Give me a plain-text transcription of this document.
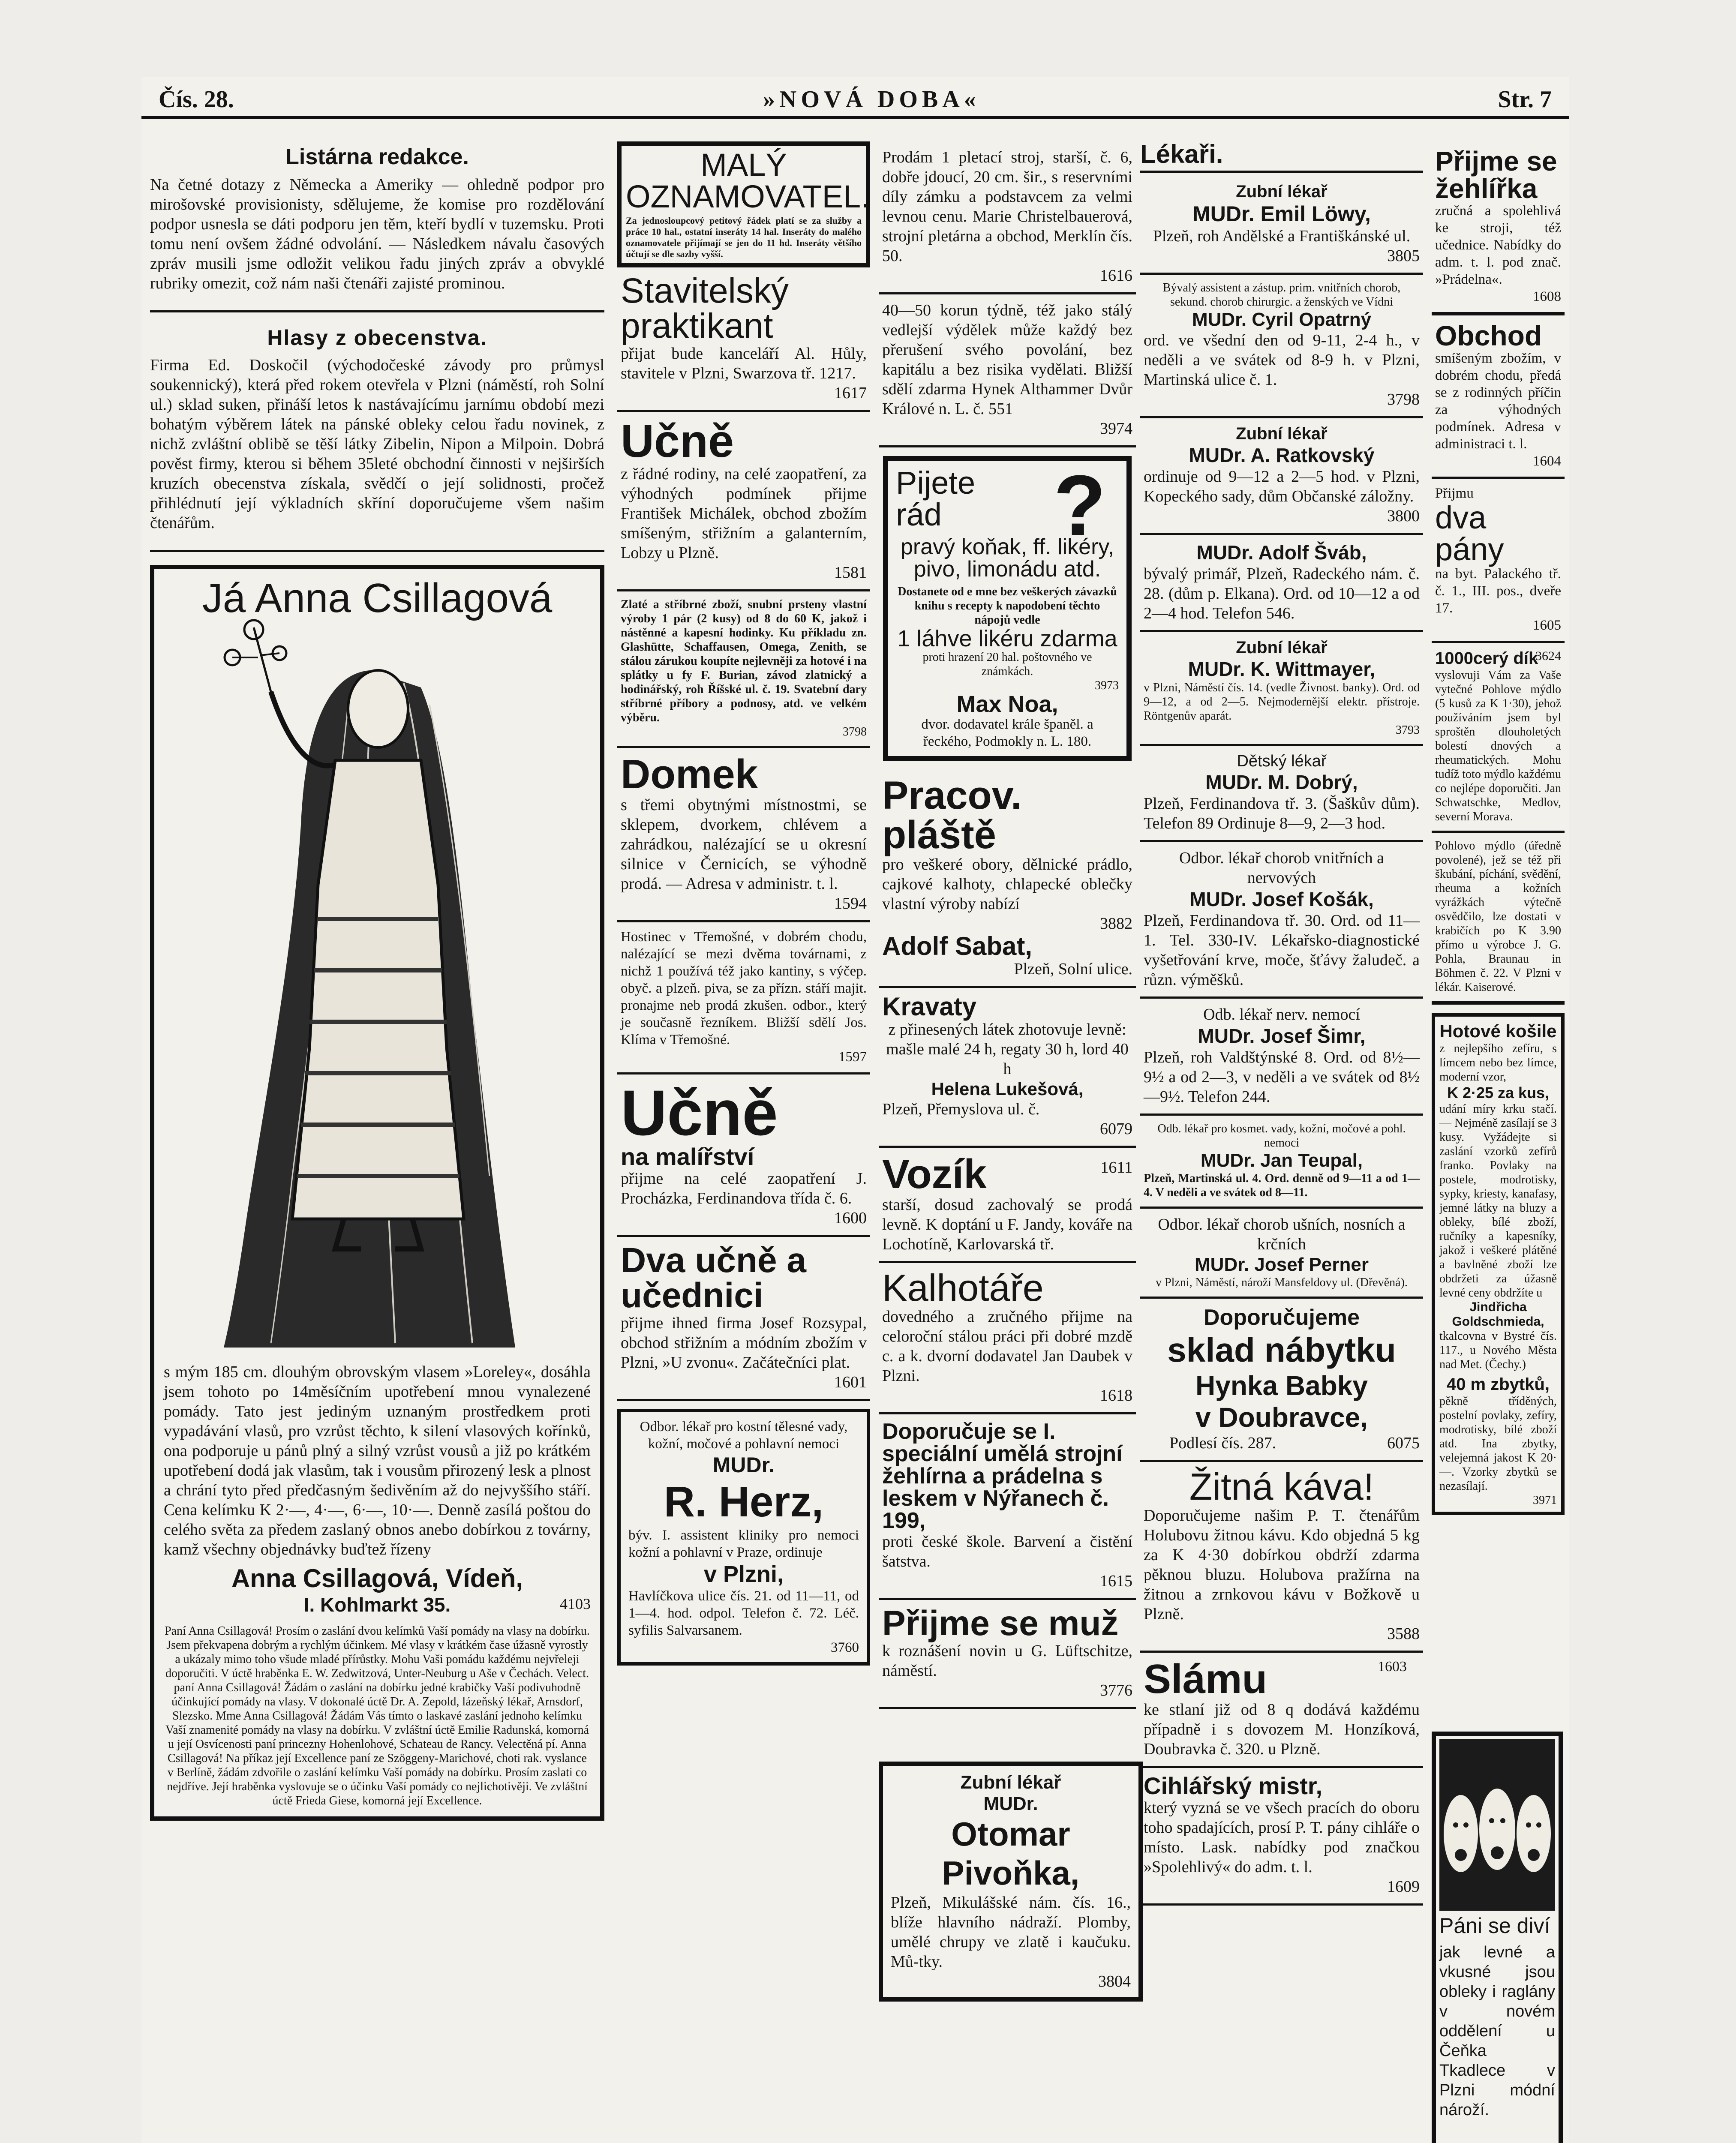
Čís. 28.	»NOVÁ DOBA«	Str. 7

Listárna redakce.

Na četné dotazy z Německa a Ameriky — ohledně podpor pro mirošovské provisionisty, sdělujeme, že komise pro rozdělování podpor usnesla se dáti podporu jen těm, kteří bydlí v tuzemsku. Proti tomu není ovšem žádné odvolání. — Následkem návalu časových zpráv musili jsme odložit velikou řadu jiných zpráv a obvyklé rubriky omezit, což nám naši čtenáři zajisté prominou.

Hlasy z obecenstva.

Firma Ed. Doskočil (východočeské závody pro průmysl soukennický), která před rokem otevřela v Plzni (náměstí, roh Solní ul.) sklad suken, přináší letos k nastávajícímu jarnímu období mezi bohatým výběrem látek na pánské obleky celou řadu novinek, z nichž zvláštní oblibě se těší látky Zibelin, Nipon a Milpoin. Dobrá pověst firmy, kterou si během 35leté obchodní činnosti v nejširších kruzích obecenstva získala, svědčí o její solidnosti, pročež přihlédnutí její výkladních skříní doporučujeme všem našim čtenářům.

Já Anna Csillagová

s mým 185 cm. dlouhým obrovským vlasem »Loreley«, dosáhla jsem tohoto po 14měsíčním upotřebení mnou vynalezené pomády. Tato jest jediným uznaným prostředkem proti vypadávání vlasů, pro vzrůst těchto, k silení vlasových kořínků, ona podporuje u pánů plný a silný vzrůst vousů a již po krátkém upotřebení dodá jak vlasům, tak i vousům přirozený lesk a plnost a chrání tyto před předčasným šedivěním až do nejvyššího stáří. Cena kelímku K 2·—, 4·—, 6·—, 10·—. Denně zasílá poštou do celého světa za předem zaslaný obnos anebo dobírkou z továrny, kamž všechny objednávky buďtež řízeny

Anna Csillagová, Vídeň,

I. Kohlmarkt 35.	4103

Paní Anna Csillagová! Prosím o zaslání dvou kelímků Vaší pomády na vlasy na dobírku. Jsem překvapena dobrým a rychlým účinkem. Mé vlasy v krátkém čase úžasně vyrostly a ukázaly mimo toho všude mladé přírůstky. Mohu Vaši pomádu každému nejvřeleji doporučiti. V úctě hraběnka E. W. Zedwitzová, Unter-Neuburg u Aše v Čechách. Velect. paní Anna Csillagová! Žádám o zaslání na dobírku jedné krabičky Vaší podivuhodně účinkující pomády na vlasy. V dokonalé úctě Dr. A. Zepold, lázeňský lékař, Arnsdorf, Slezsko. Mme Anna Csillagová! Žádám Vás tímto o laskavé zaslání jednoho kelímku Vaší znamenité pomády na vlasy na dobírku. V zvláštní úctě Emilie Radunská, komorná u její Osvícenosti paní princezny Hohenlohové, Schateau de Rancy. Velectěná pí. Anna Csillagová! Na příkaz její Excellence paní ze Szöggeny-Marichové, choti rak. vyslance v Berlíně, žádám zdvořile o zaslání kelímku Vaší pomády na dobírku. Prosím zaslati co nejdříve. Její hraběnka vyslovuje se o účinku Vaší pomády co nejlichotivěji. Ve zvláštní úctě Frieda Giese, komorná její Excellence.

MALÝ OZNAMOVATEL.

Za jednosloupcový petitový řádek platí se za služby a práce 10 hal., ostatní inseráty 14 hal. Inseráty do malého oznamovatele přijímají se jen do 11 hd. Inseráty většího účtují se dle sazby vyšší.

Stavitelský praktikant

přijat bude kanceláří Al. Hůly, stavitele v Plzni, Swarzova tř. 1217.

1617

Učně

z řádné rodiny, na celé zaopatření, za výhodných podmínek přijme František Michálek, obchod zbožím smíšeným, střižním a galanterním, Lobzy u Plzně.

1581

Zlaté a stříbrné zboží, snubní prsteny vlastní výroby 1 pár (2 kusy) od 8 do 60 K, jakož i nástěnné a kapesní hodinky. Ku příkladu zn. Glashütte, Schaffausen, Omega, Zenith, se stálou zárukou koupíte nejlevněji za hotové i na splátky u fy F. Burian, závod zlatnický a hodinářský, roh Říšské ul. č. 19. Svatební dary stříbrné příbory a podnosy, atd. ve velkém výběru.

3798

Domek

s třemi obytnými místnostmi, se sklepem, dvorkem, chlévem a zahrádkou, nalézající se u okresní silnice v Černicích, se výhodně prodá. — Adresa v administr. t. l.

1594

Hostinec v Třemošné, v dobrém chodu, nalézající se mezi dvěma továrnami, z nichž 1 používá též jako kantiny, s výčep. obyč. a plzeň. piva, se za přízn. stáří majit. pronajme neb prodá zkušen. odbor., který je současně řezníkem. Bližší sdělí Jos. Klíma v Třemošné.

1597

Učně

na malířství

přijme na celé zaopatření J. Procházka, Ferdinandova třída č. 6.

1600

Dva učně a učednici

přijme ihned firma Josef Rozsypal, obchod střižním a módním zbožím v Plzni, »U zvonu«. Začátečníci plat.

1601

Odbor. lékař pro kostní tělesné vady, kožní, močové a pohlavní nemoci

MUDr.

R. Herz,

býv. I. assistent kliniky pro nemoci kožní a pohlavní v Praze, ordinuje

v Plzni,

Havlíčkova ulice čís. 21. od 11—11, od 1—4. hod. odpol. Telefon č. 72. Léč. syfilis Salvarsanem.

3760

Prodám 1 pletací stroj, starší, č. 6, dobře jdoucí, 20 cm. šir., s reservními díly zámku a podstavcem za velmi levnou cenu. Marie Christelbauerová, strojní pletárna a obchod, Merklín čís. 50.

1616

40—50 korun týdně, též jako stálý vedlejší výdělek může každý bez přerušení svého povolání, bez kapitálu a bez risika vydělati. Bližší sdělí zdarma Hynek Althammer Dvůr Králové n. L. č. 551

3974

Pijete rád	?

pravý koňak, ff. likéry, pivo, limonádu atd.

Dostanete od e mne bez veškerých závazků knihu s recepty k napodobení těchto nápojů vedle

1 láhve likéru zdarma

proti hrazení 20 hal. poštovného ve známkách.

3973

Max Noa,

dvor. dodavatel krále španěl. a řeckého, Podmokly n. L. 180.

Pracov. pláště

pro veškeré obory, dělnické prádlo, cajkové kalhoty, chlapecké oblečky vlastní výroby nabízí

3882

Adolf Sabat,

Plzeň, Solní ulice.

Kravaty

z přinesených látek zhotovuje levně: mašle malé 24 h, regaty 30 h, lord 40 h

Helena Lukešová,

Plzeň, Přemyslova ul. č.

6079

Vozík	1611

starší, dosud zachovalý se prodá levně. K doptání u F. Jandy, kováře na Lochotíně, Karlovarská tř.

Kalhotáře

dovedného a zručného přijme na celoroční stálou práci při dobré mzdě c. a k. dvorní dodavatel Jan Daubek v Plzni.

1618

Doporučuje se I. speciální umělá strojní žehlírna a prádelna s leskem v Nýřanech č. 199,

proti české škole. Barvení a čistění šatstva.

1615

Přijme se muž

k roznášení novin u G. Lüftschitze, náměstí.

3776

Lékaři.

Zubní lékař

MUDr. Emil Löwy,

Plzeň, roh Andělské a Františkánské ul.

3805

Bývalý assistent a zástup. prim. vnitřních chorob, sekund. chorob chirurgic. a ženských ve Vídni

MUDr. Cyril Opatrný

ord. ve všední den od 9-11, 2-4 h., v neděli a ve svátek od 8-9 h. v Plzni, Martinská ulice č. 1.

3798

Zubní lékař

MUDr. A. Ratkovský

ordinuje od 9—12 a 2—5 hod. v Plzni, Kopeckého sady, dům Občanské záložny.

3800

MUDr. Adolf Šváb,

bývalý primář, Plzeň, Radeckého nám. č. 28. (dům p. Elkana). Ord. od 10—12 a od 2—4 hod. Telefon 546.

Zubní lékař

MUDr. K. Wittmayer,

v Plzni, Náměstí čís. 14. (vedle Živnost. banky). Ord. od 9—12, a od 2—5. Nejmodernější elektr. přístroje. Röntgenův aparát.

3793

Dětský lékař

MUDr. M. Dobrý,

Plzeň, Ferdinandova tř. 3. (Šaškův dům). Telefon 89 Ordinuje 8—9, 2—3 hod.

Odbor. lékař chorob vnitřních a nervových

MUDr. Josef Košák,

Plzeň, Ferdinandova tř. 30. Ord. od 11—1. Tel. 330-IV. Lékařsko-diagnostické vyšetřování krve, moče, šťávy žaludeč. a různ. výměšků.

Odb. lékař nerv. nemocí

MUDr. Josef Šimr,

Plzeň, roh Valdštýnské 8. Ord. od 8½—9½ a od 2—3, v neděli a ve svátek od 8½—9½. Telefon 244.

Odb. lékař pro kosmet. vady, kožní, močové a pohl. nemoci

MUDr. Jan Teupal,

Plzeň, Martinská ul. 4. Ord. denně od 9—11 a od 1—4. V neděli a ve svátek od 8—11.

Odbor. lékař chorob ušních, nosních a krčních

MUDr. Josef Perner

v Plzni, Náměstí, nároží Mansfeldovy ul. (Dřevěná).

Doporučujeme

sklad nábytku

Hynka Babky

v Doubravce,

Podlesí čís. 287.	6075

Žitná káva!

Doporučujeme našim P. T. čtenářům Holubovu žitnou kávu. Kdo objedná 5 kg za K 4·30 dobírkou obdrží zdarma pěknou bluzu. Holubova pražírna na žitnou a zrnkovou kávu v Božkově u Plzně.

3588

Slámu	1603

ke stlaní již od 8 q dodává každému případně i s dovozem M. Honzíková, Doubravka č. 320. u Plzně.

Cihlářský mistr,

který vyzná se ve všech pracích do oboru toho spadajících, prosí P. T. pány cihláře o místo. Lask. nabídky pod značkou »Spolehlivý« do adm. t. l.

1609

Přijme se žehlířka

zručná a spolehlivá ke stroji, též učednice. Nabídky do adm. t. l. pod znač. »Prádelna«.

1608

Obchod

smíšeným zbožím, v dobrém chodu, předá se z rodinných příčin za výhodných podmínek. Adresa v administraci t. l.

1604

Přijmu

dva pány

na byt. Palackého tř. č. 1., III. pos., dveře 17.

1605

1000cerý dík

3624

vyslovuji Vám za Vaše vytečné Pohlove mýdlo (5 kusů za K 1·30), jehož používáním jsem byl sproštěn dlouholetých bolestí dnových a rheumatických. Mohu tudíž toto mýdlo každému co nejlépe doporučiti. Jan Schwatschke, Medlov, severní Morava.

Pohlovo mýdlo (úředně povolené), jež se též při škubání, píchání, svědění, rheuma a kožních vyrážkách výtečně osvědčilo, lze dostati v krabičích po K 3.90 přímo u výrobce J. G. Pohla, Braunau in Böhmen č. 22. V Plzni v lékár. Kaiserové.

Hotové košile

z nejlepšího zefíru, s límcem nebo bez límce, moderní vzor,

K 2·25 za kus,

udání míry krku stačí. — Nejméně zasílají se 3 kusy. Vyžádejte si zaslání vzorků zefírů franko. Povlaky na postele, modrotisky, sypky, kriesty, kanafasy, jemné látky na bluzy a obleky, bílé zboží, ručníky a kapesníky, jakož i veškeré plátěné a bavlněné zboží lze obdržeti za úžasně levné ceny obdržíte u

Jindřicha Goldschmieda,

tkalcovna v Bystré čís. 117., u Nového Města nad Met. (Čechy.)

40 m zbytků,

pěkně tříděných, postelní povlaky, zefíry, modrotisky, bílé zboží atd. Ina zbytky, velejemná jakost K 20·—. Vzorky zbytků se nezasílají.

3971

Páni se diví

jak levné a vkusné jsou obleky i raglány v novém oddělení u Čeňka Tkadlece v Plzni módní nároží.

Zubní lékař

MUDr.

Otomar Pivoňka,

Plzeň, Mikulášské nám. čís. 16., blíže hlavního nádraží. Plomby, umělé chrupy ve zlatě i kaučuku. Mů-tky.

3804
